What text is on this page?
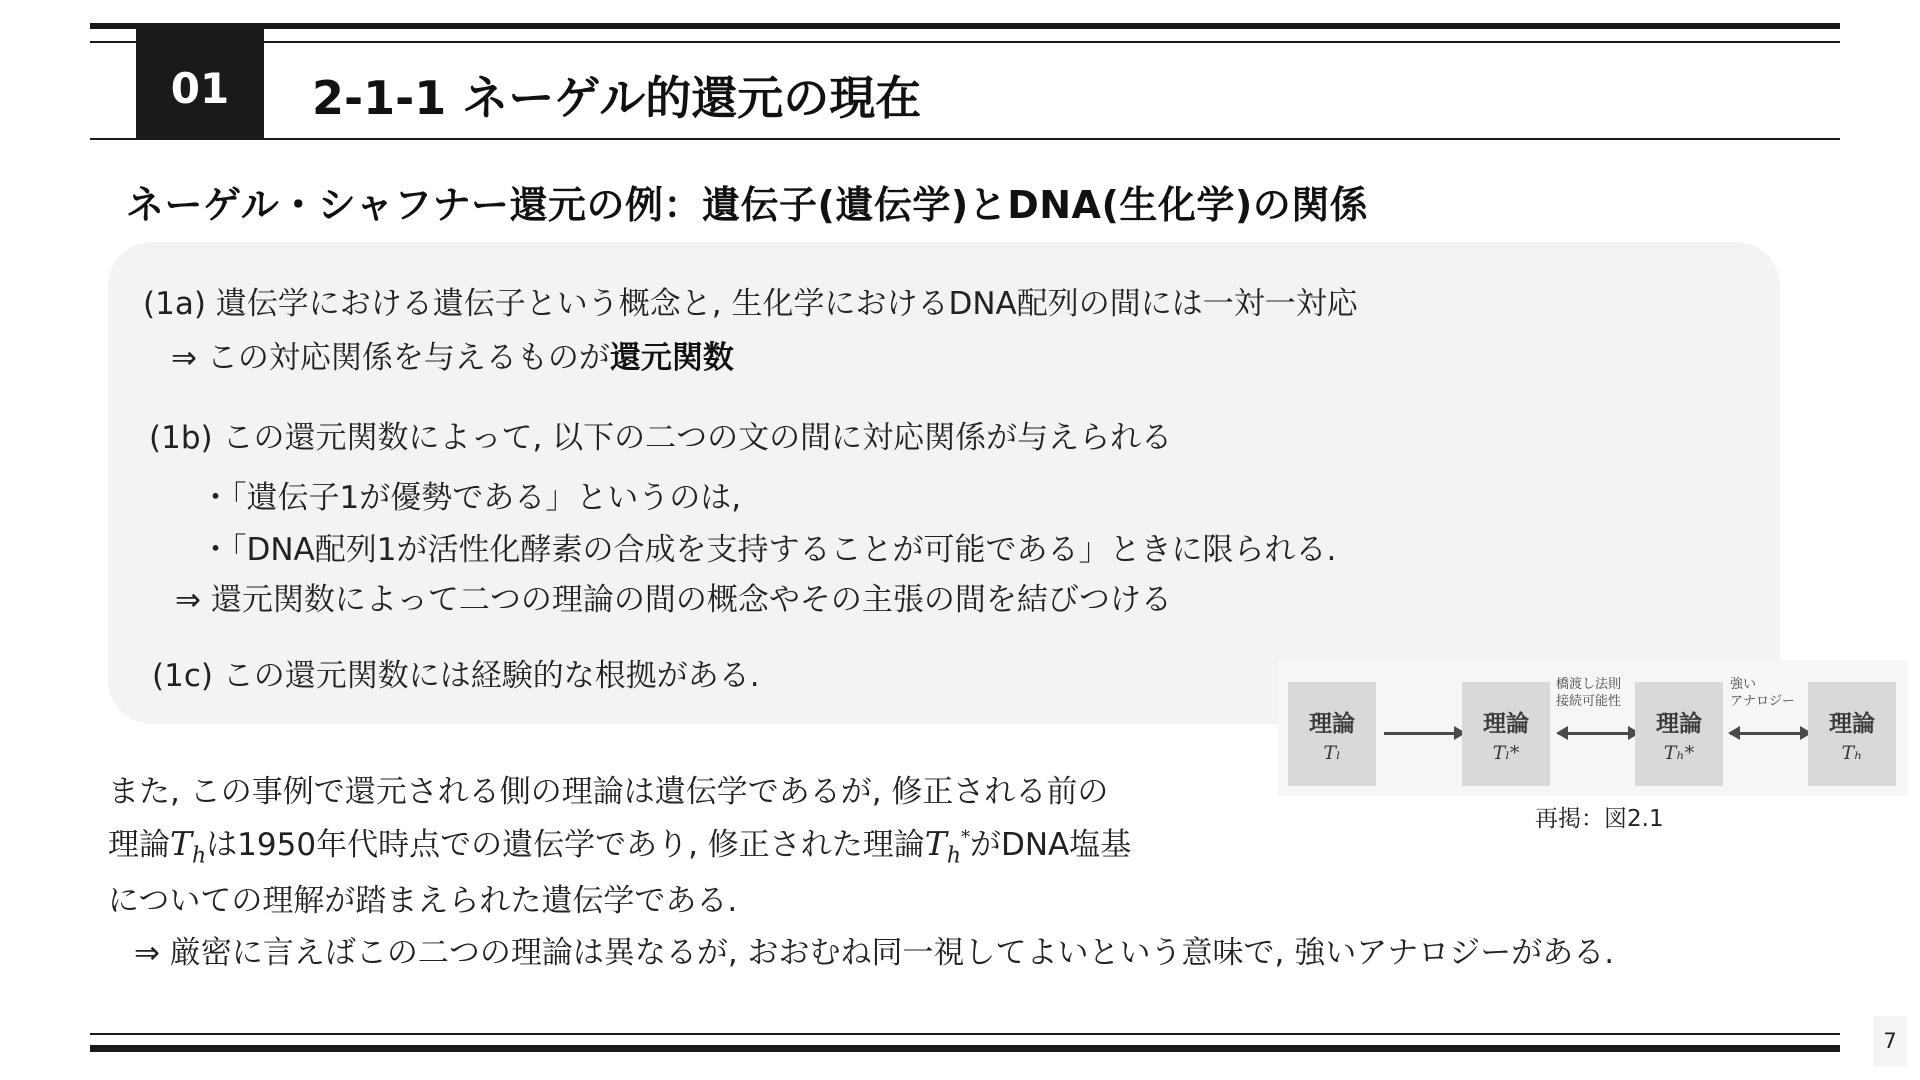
01	2-1-1 ネーゲル的還元の現在
ネーゲル・シャフナー還元の例：遺伝子(遺伝学)とDNA(生化学)の関係
(1a) 遺伝学における遺伝子という概念と, 生化学におけるDNA配列の間には一対一対応
⇒ この対応関係を与えるものが還元関数
(1b) この還元関数によって, 以下の二つの文の間に対応関係が与えられる
・「遺伝子1が優勢である」というのは,
・「DNA配列1が活性化酵素の合成を支持することが可能である」ときに限られる.
⇒ 還元関数によって二つの理論の間の概念やその主張の間を結びつける
(1c) この還元関数には経験的な根拠がある.
理論
Tₗ
理論
Tₗ*
橋渡し法則
接続可能性
理論
Tₕ*
強い
アナロジー
理論
Tₕ
再掲：図2.1
また, この事例で還元される側の理論は遺伝学であるが, 修正される前の
理論$T_h$は1950年代時点での遺伝学であり, 修正された理論$T_h^*$がDNA塩基
についての理解が踏まえられた遺伝学である.
⇒ 厳密に言えばこの二つの理論は異なるが, おおむね同一視してよいという意味で, 強いアナロジーがある.
7
